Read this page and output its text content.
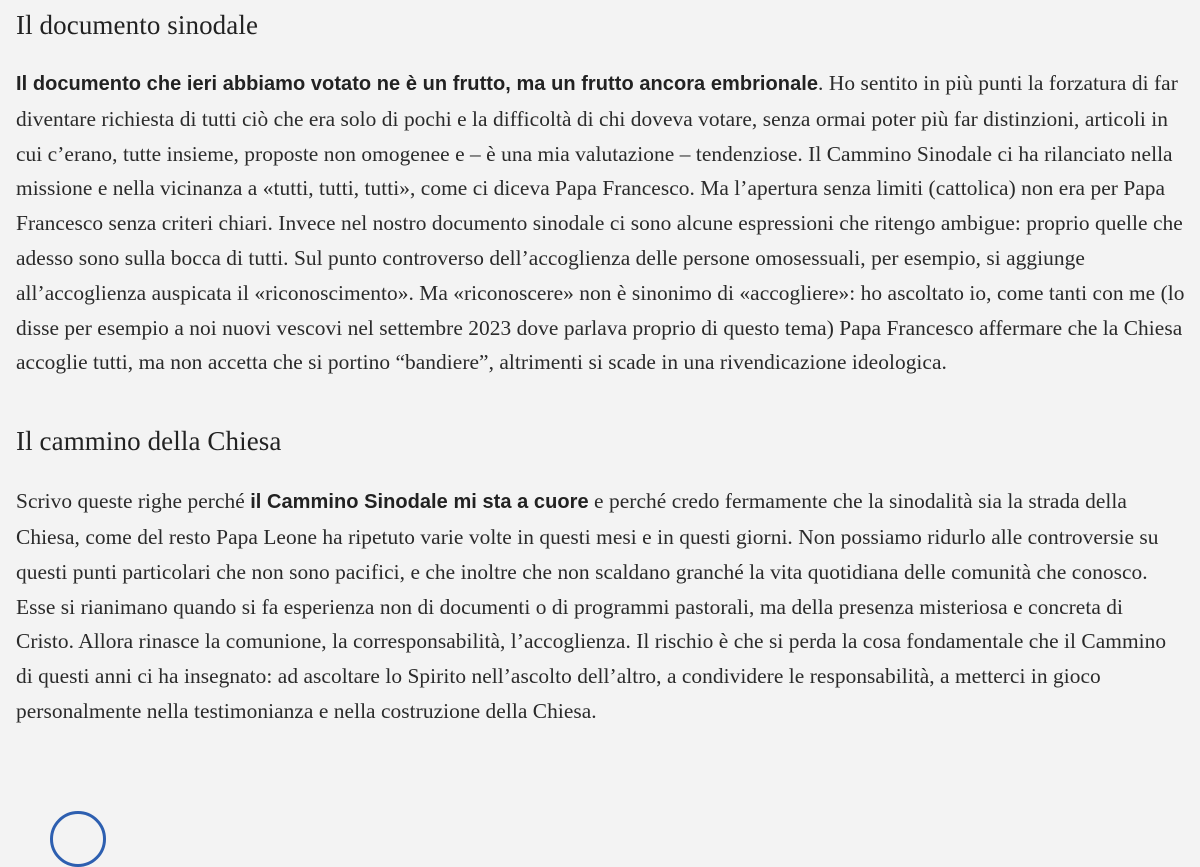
Il documento sinodale

Il documento che ieri abbiamo votato ne è un frutto, ma un frutto ancora embrionale. Ho sentito in più punti la forzatura di far diventare richiesta di tutti ciò che era solo di pochi e la difficoltà di chi doveva votare, senza ormai poter più far distinzioni, articoli in cui c’erano, tutte insieme, proposte non omogenee e – è una mia valutazione – tendenziose. Il Cammino Sinodale ci ha rilanciato nella missione e nella vicinanza a «tutti, tutti, tutti», come ci diceva Papa Francesco. Ma l’apertura senza limiti (cattolica) non era per Papa Francesco senza criteri chiari. Invece nel nostro documento sinodale ci sono alcune espressioni che ritengo ambigue: proprio quelle che adesso sono sulla bocca di tutti. Sul punto controverso dell’accoglienza delle persone omosessuali, per esempio, si aggiunge all’accoglienza auspicata il «riconoscimento». Ma «riconoscere» non è sinonimo di «accogliere»: ho ascoltato io, come tanti con me (lo disse per esempio a noi nuovi vescovi nel settembre 2023 dove parlava proprio di questo tema) Papa Francesco affermare che la Chiesa accoglie tutti, ma non accetta che si portino “bandiere”, altrimenti si scade in una rivendicazione ideologica.

Il cammino della Chiesa

Scrivo queste righe perché il Cammino Sinodale mi sta a cuore e perché credo fermamente che la sinodalità sia la strada della Chiesa, come del resto Papa Leone ha ripetuto varie volte in questi mesi e in questi giorni. Non possiamo ridurlo alle controversie su questi punti particolari che non sono pacifici, e che inoltre che non scaldano granché la vita quotidiana delle comunità che conosco. Esse si rianimano quando si fa esperienza non di documenti o di programmi pastorali, ma della presenza misteriosa e concreta di Cristo. Allora rinasce la comunione, la corresponsabilità, l’accoglienza. Il rischio è che si perda la cosa fondamentale che il Cammino di questi anni ci ha insegnato: ad ascoltare lo Spirito nell’ascolto dell’altro, a condividere le responsabilità, a metterci in gioco personalmente nella testimonianza e nella costruzione della Chiesa.
